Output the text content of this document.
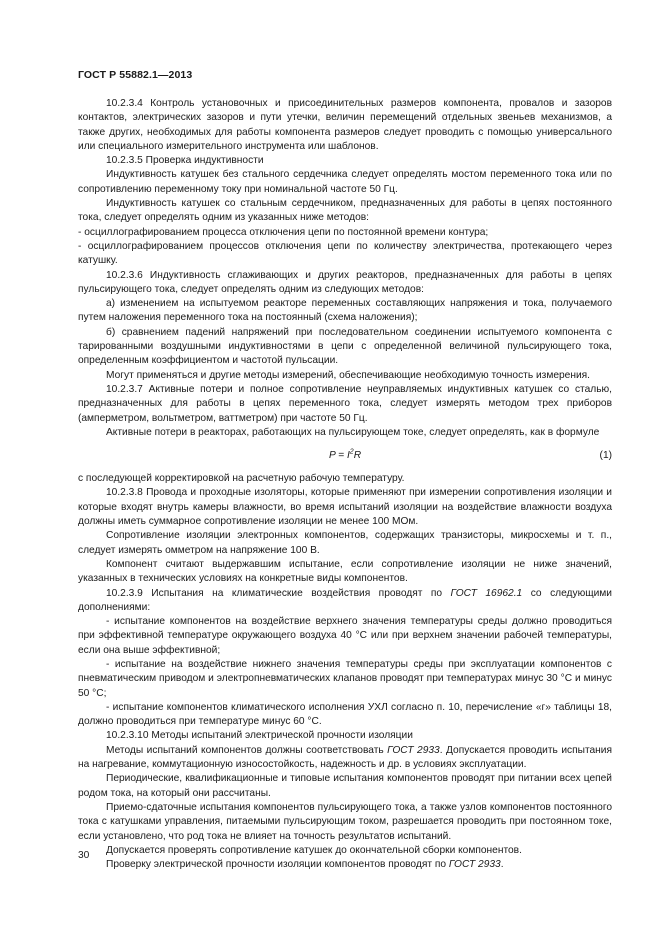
ГОСТ Р 55882.1—2013

10.2.3.4 Контроль установочных и присоединительных размеров компонента, провалов и зазоров контактов, электрических зазоров и пути утечки, величин перемещений отдельных звеньев механизмов, а также других, необходимых для работы компонента размеров следует проводить с помощью универсального или специального измерительного инструмента или шаблонов.

10.2.3.5 Проверка индуктивности

Индуктивность катушек без стального сердечника следует определять мостом переменного тока или по сопротивлению переменному току при номинальной частоте 50 Гц.

Индуктивность катушек со стальным сердечником, предназначенных для работы в цепях постоянного тока, следует определять одним из указанных ниже методов:

- осциллографированием процесса отключения цепи по постоянной времени контура;

- осциллографированием процессов отключения цепи по количеству электричества, протекающего через катушку.

10.2.3.6 Индуктивность сглаживающих и других реакторов, предназначенных для работы в цепях пульсирующего тока, следует определять одним из следующих методов:

а) изменением на испытуемом реакторе переменных составляющих напряжения и тока, получаемого путем наложения переменного тока на постоянный (схема наложения);

б) сравнением падений напряжений при последовательном соединении испытуемого компонента с тарированными воздушными индуктивностями в цепи с определенной величиной пульсирующего тока, определенным коэффициентом и частотой пульсации.

Могут применяться и другие методы измерений, обеспечивающие необходимую точность измерения.

10.2.3.7 Активные потери и полное сопротивление неуправляемых индуктивных катушек со сталью, предназначенных для работы в цепях переменного тока, следует измерять методом трех приборов (амперметром, вольтметром, ваттметром) при частоте 50 Гц.

Активные потери в реакторах, работающих на пульсирующем токе, следует определять, как в формуле

$P = I^2R$	(1)

с последующей корректировкой на расчетную рабочую температуру.

10.2.3.8 Провода и проходные изоляторы, которые применяют при измерении сопротивления изоляции и которые входят внутрь камеры влажности, во время испытаний изоляции на воздействие влажности воздуха должны иметь суммарное сопротивление изоляции не менее 100 МОм.

Сопротивление изоляции электронных компонентов, содержащих транзисторы, микросхемы и т. п., следует измерять омметром на напряжение 100 В.

Компонент считают выдержавшим испытание, если сопротивление изоляции не ниже значений, указанных в технических условиях на конкретные виды компонентов.

10.2.3.9 Испытания на климатические воздействия проводят по ГОСТ 16962.1 со следующими дополнениями:

- испытание компонентов на воздействие верхнего значения температуры среды должно проводиться при эффективной температуре окружающего воздуха 40 °С или при верхнем значении рабочей температуры, если она выше эффективной;

- испытание на воздействие нижнего значения температуры среды при эксплуатации компонентов с пневматическим приводом и электропневматических клапанов проводят при температурах минус 30 °С и минус 50 °С;

- испытание компонентов климатического исполнения УХЛ согласно п. 10, перечисление «г» таблицы 18, должно проводиться при температуре минус 60 °С.

10.2.3.10 Методы испытаний электрической прочности изоляции

Методы испытаний компонентов должны соответствовать ГОСТ 2933. Допускается проводить испытания на нагревание, коммутационную износостойкость, надежность и др. в условиях эксплуатации.

Периодические, квалификационные и типовые испытания компонентов проводят при питании всех цепей родом тока, на который они рассчитаны.

Приемо-сдаточные испытания компонентов пульсирующего тока, а также узлов компонентов постоянного тока с катушками управления, питаемыми пульсирующим током, разрешается проводить при постоянном токе, если установлено, что род тока не влияет на точность результатов испытаний.

Допускается проверять сопротивление катушек до окончательной сборки компонентов.

Проверку электрической прочности изоляции компонентов проводят по ГОСТ 2933.

30
